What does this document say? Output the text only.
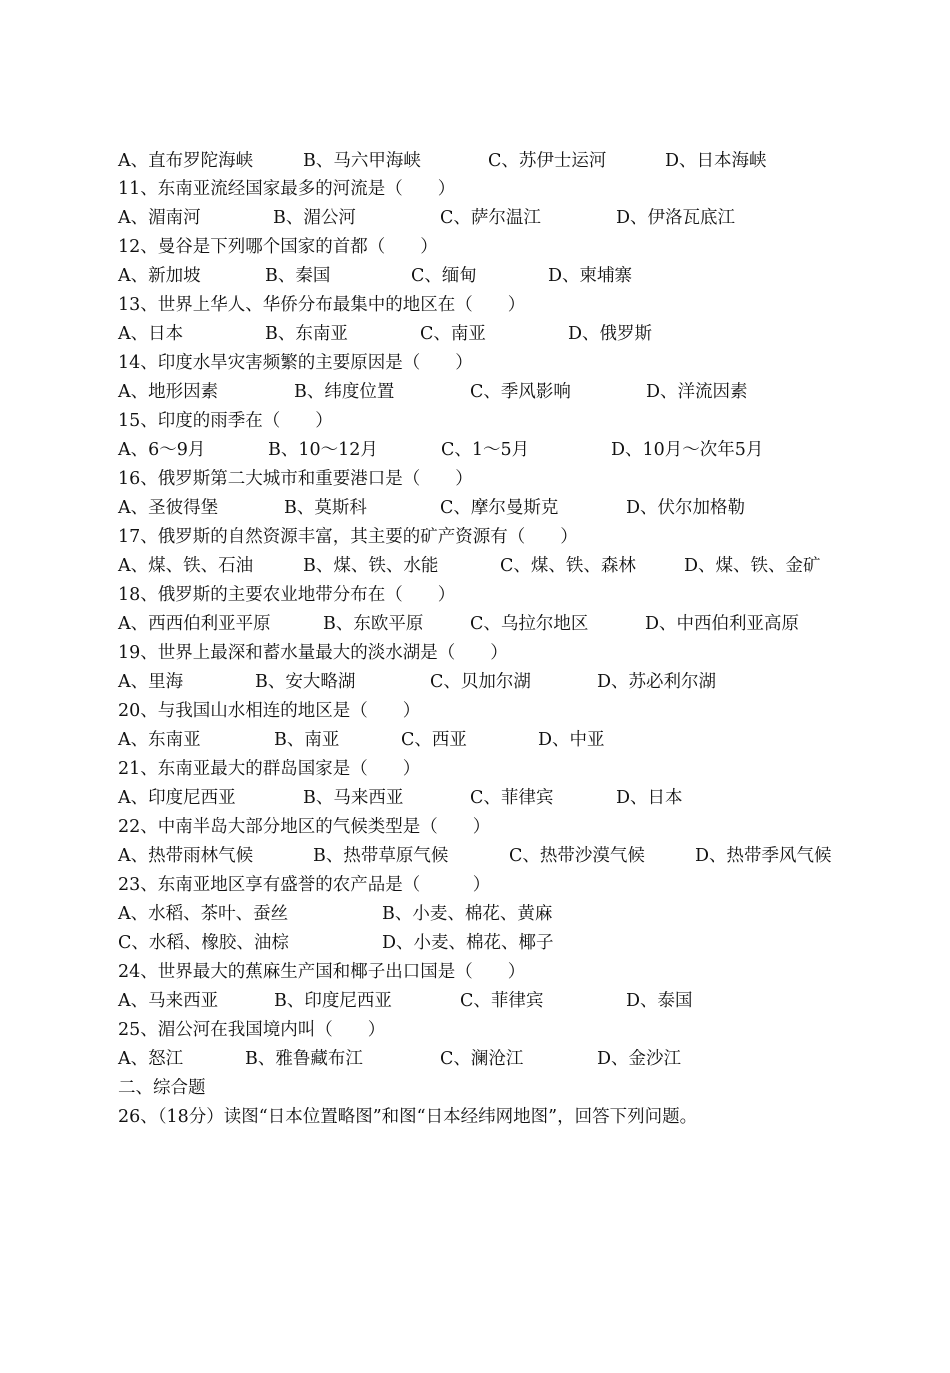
A、直布罗陀海峡	B、马六甲海峡	C、苏伊士运河	D、日本海峡
11、东南亚流经国家最多的河流是（　　）
A、湄南河	B、湄公河	C、萨尔温江	D、伊洛瓦底江
12、曼谷是下列哪个国家的首都（　　）
A、新加坡	B、秦国	C、缅甸	D、柬埔寨
13、世界上华人、华侨分布最集中的地区在（　　）
A、日本	B、东南亚	C、南亚	D、俄罗斯
14、印度水旱灾害频繁的主要原因是（　　）
A、地形因素	B、纬度位置	C、季风影响	D、洋流因素
15、印度的雨季在（　　）
A、6～9月	B、10～12月	C、1～5月	D、10月～次年5月
16、俄罗斯第二大城市和重要港口是（　　）
A、圣彼得堡	B、莫斯科	C、摩尔曼斯克	D、伏尔加格勒
17、俄罗斯的自然资源丰富，其主要的矿产资源有（　　）
A、煤、铁、石油	B、煤、铁、水能	C、煤、铁、森林	D、煤、铁、金矿
18、俄罗斯的主要农业地带分布在（　　）
A、西西伯利亚平原	B、东欧平原	C、乌拉尔地区	D、中西伯利亚高原
19、世界上最深和蓄水量最大的淡水湖是（　　）
A、里海	B、安大略湖	C、贝加尔湖	D、苏必利尔湖
20、与我国山水相连的地区是（　　）
A、东南亚	B、南亚	C、西亚	D、中亚
21、东南亚最大的群岛国家是（　　）
A、印度尼西亚	B、马来西亚	C、菲律宾	D、日本
22、中南半岛大部分地区的气候类型是（　　）
A、热带雨林气候	B、热带草原气候	C、热带沙漠气候	D、热带季风气候
23、东南亚地区享有盛誉的农产品是（　　　）
A、水稻、茶叶、蚕丝	B、小麦、棉花、黄麻
C、水稻、橡胶、油棕	D、小麦、棉花、椰子
24、世界最大的蕉麻生产国和椰子出口国是（　　）
A、马来西亚	B、印度尼西亚	C、菲律宾	D、泰国
25、湄公河在我国境内叫（　　）
A、怒江	B、雅鲁藏布江	C、澜沧江	D、金沙江
二、综合题
26、（18分）读图“日本位置略图”和图“日本经纬网地图”，回答下列问题。
